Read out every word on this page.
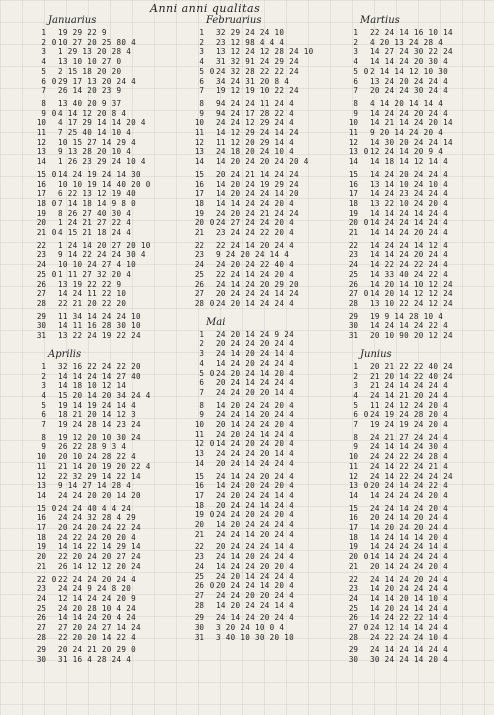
Anni anni qualitas
Januarius
1 19 29 22 9
2 0 10 27 20 25 80 4
3 1 29 13 20 28 4
4 13 10 10 27 0
5 2 15 18 20 20
6 0 29 17 13 20 24 4
7 26 14 20 23 9
8 13 40 20 9 37
9 0 4 14 12 20 8 4
10 4 17 29 14 14 20 4
11 7 25 40 14 10 4
12 10 15 27 14 29 4
13 9 13 28 20 10 4
14 1 26 23 29 24 10 4
15 0 14 24 19 24 14 30
16 10 10 19 14 40 20 0
17 6 22 13 12 19 40
18 0 7 14 18 14 9 8 0
19 8 26 27 40 30 4
20 1 24 21 27 22 4
21 0 4 15 21 18 24 4
22 1 24 14 20 27 20 10
23 9 14 22 24 24 30 4
24 10 10 24 27 4 10
25 0 1 11 27 32 20 4
26 13 19 22 22 9
27 14 24 11 22 10
28 22 21 20 22 20
29 11 34 14 24 24 10
30 14 11 16 28 30 10
31 13 22 24 19 22 24
Aprilis
1 32 16 22 24 22 20
2 14 14 24 14 27 40
3 14 18 10 12 14
4 15 20 14 20 34 24 4
5 19 14 19 24 14 4
6 18 21 20 14 12 3
7 19 24 28 14 23 24
8 19 12 20 10 30 24
9 26 22 28 9 3 4
10 20 10 24 28 22 4
11 21 14 20 19 20 22 4
12 22 32 29 14 22 14
13 9 14 27 14 28 4
14 24 24 20 20 14 20
15 0 24 24 40 4 4 24
16 24 24 32 28 4 29
17 20 24 20 24 22 24
18 24 22 24 20 20 4
19 14 14 22 14 29 14
20 22 20 24 20 27 24
21 26 14 12 12 20 24
22 0 22 24 24 20 24 4
23 24 24 9 24 8 20
24 12 14 24 24 20 9
25 24 20 28 10 4 24
26 14 14 24 20 4 24
27 27 20 24 27 14 24
28 22 20 20 14 22 4
29 20 24 21 20 29 0
30 31 16 4 28 24 4
Februarius
1 32 29 24 24 10
2 23 12 98 4 4 4
3 13 12 24 12 28 24 10
4 31 32 91 24 29 24
5 0 24 32 28 22 22 24
6 34 24 31 20 8 4
7 19 12 19 10 22 24
8 94 24 24 11 24 4
9 94 24 17 28 22 4
10 24 24 12 29 24 4
11 14 12 29 24 14 24
12 11 12 20 29 14 4
13 24 18 20 24 10 4
14 14 20 24 20 24 20 4
15 20 24 21 14 24 24
16 14 20 24 19 29 24
17 14 20 24 24 14 20
18 14 14 24 24 20 4
19 24 20 24 21 24 24
20 0 24 27 24 24 20 4
21 23 24 24 22 20 4
22 22 24 14 20 24 4
23 9 24 20 24 14 4
24 24 20 24 22 40 4
25 22 24 14 24 20 4
26 24 14 24 20 29 20
27 20 24 24 24 14 24
28 0 24 20 14 24 24 4
Mai
1 24 20 14 24 9 24
2 20 24 24 20 24 4
3 24 14 20 24 14 4
4 14 24 20 24 24 4
5 0 24 20 24 14 20 4
6 20 24 14 24 24 4
7 24 24 20 20 14 4
8 14 20 24 24 20 4
9 24 24 14 20 24 4
10 20 14 24 24 20 4
11 24 20 24 14 24 4
12 0 14 24 20 24 20 4
13 24 24 24 20 14 4
14 20 24 14 24 24 4
15 24 14 24 20 24 4
16 14 24 20 24 20 4
17 24 20 24 24 14 4
18 20 24 24 14 24 4
19 0 24 24 20 24 20 4
20 14 20 24 24 24 4
21 24 24 14 20 24 4
22 20 24 24 24 14 4
23 24 14 20 24 24 4
24 14 24 24 20 20 4
25 24 20 14 24 24 4
26 0 20 24 24 14 20 4
27 24 24 20 20 24 4
28 14 20 24 24 14 4
29 24 14 24 20 24 4
30 3 20 24 10 0 4
31 3 40 10 30 20 10
Martius
1 22 24 14 16 10 14
2 4 20 13 24 28 4
3 14 27 24 30 22 24
4 14 14 24 20 30 4
5 0 2 14 14 12 10 30
6 13 24 20 24 24 4
7 20 24 24 30 24 4
8 4 14 20 14 14 4
9 14 24 24 20 24 4
10 14 21 14 24 20 14
11 9 20 14 24 20 4
12 14 30 20 24 24 14
13 0 12 24 14 20 9 4
14 14 18 14 12 14 4
15 14 24 20 24 24 4
16 13 14 10 24 10 4
17 14 24 23 24 24 4
18 13 22 10 24 20 4
19 14 14 24 14 24 4
20 0 14 24 24 14 24 4
21 14 14 24 20 24 4
22 14 24 24 14 12 4
23 14 14 24 20 24 4
24 14 22 24 22 24 4
25 14 33 40 24 22 4
26 14 20 14 10 12 24
27 0 14 20 14 12 12 24
28 13 10 22 24 12 24
29 19 9 14 28 10 4
30 14 24 14 24 22 4
31 20 10 90 20 12 24
Junius
1 20 21 22 22 40 24
2 21 20 14 22 40 24
3 21 24 14 24 24 4
4 24 14 21 20 24 4
5 11 24 12 24 20 4
6 0 24 19 24 28 20 4
7 19 24 19 24 20 4
8 24 21 27 24 24 4
9 24 14 14 24 30 4
10 24 24 22 24 28 4
11 24 14 22 24 21 4
12 24 14 22 24 24 24
13 0 20 24 14 24 22 4
14 14 24 24 24 20 4
15 24 24 14 24 20 4
16 20 24 14 20 24 4
17 14 20 24 20 24 4
18 14 24 14 14 20 4
19 14 24 24 24 14 4
20 0 14 14 24 24 24 4
21 20 14 24 24 20 4
22 24 14 24 20 24 4
23 14 20 24 24 24 4
24 14 14 20 14 10 4
25 14 20 24 14 24 4
26 14 24 22 22 14 4
27 0 24 12 14 14 24 4
28 24 22 24 24 10 4
29 24 14 24 14 24 4
30 30 24 24 14 20 4
